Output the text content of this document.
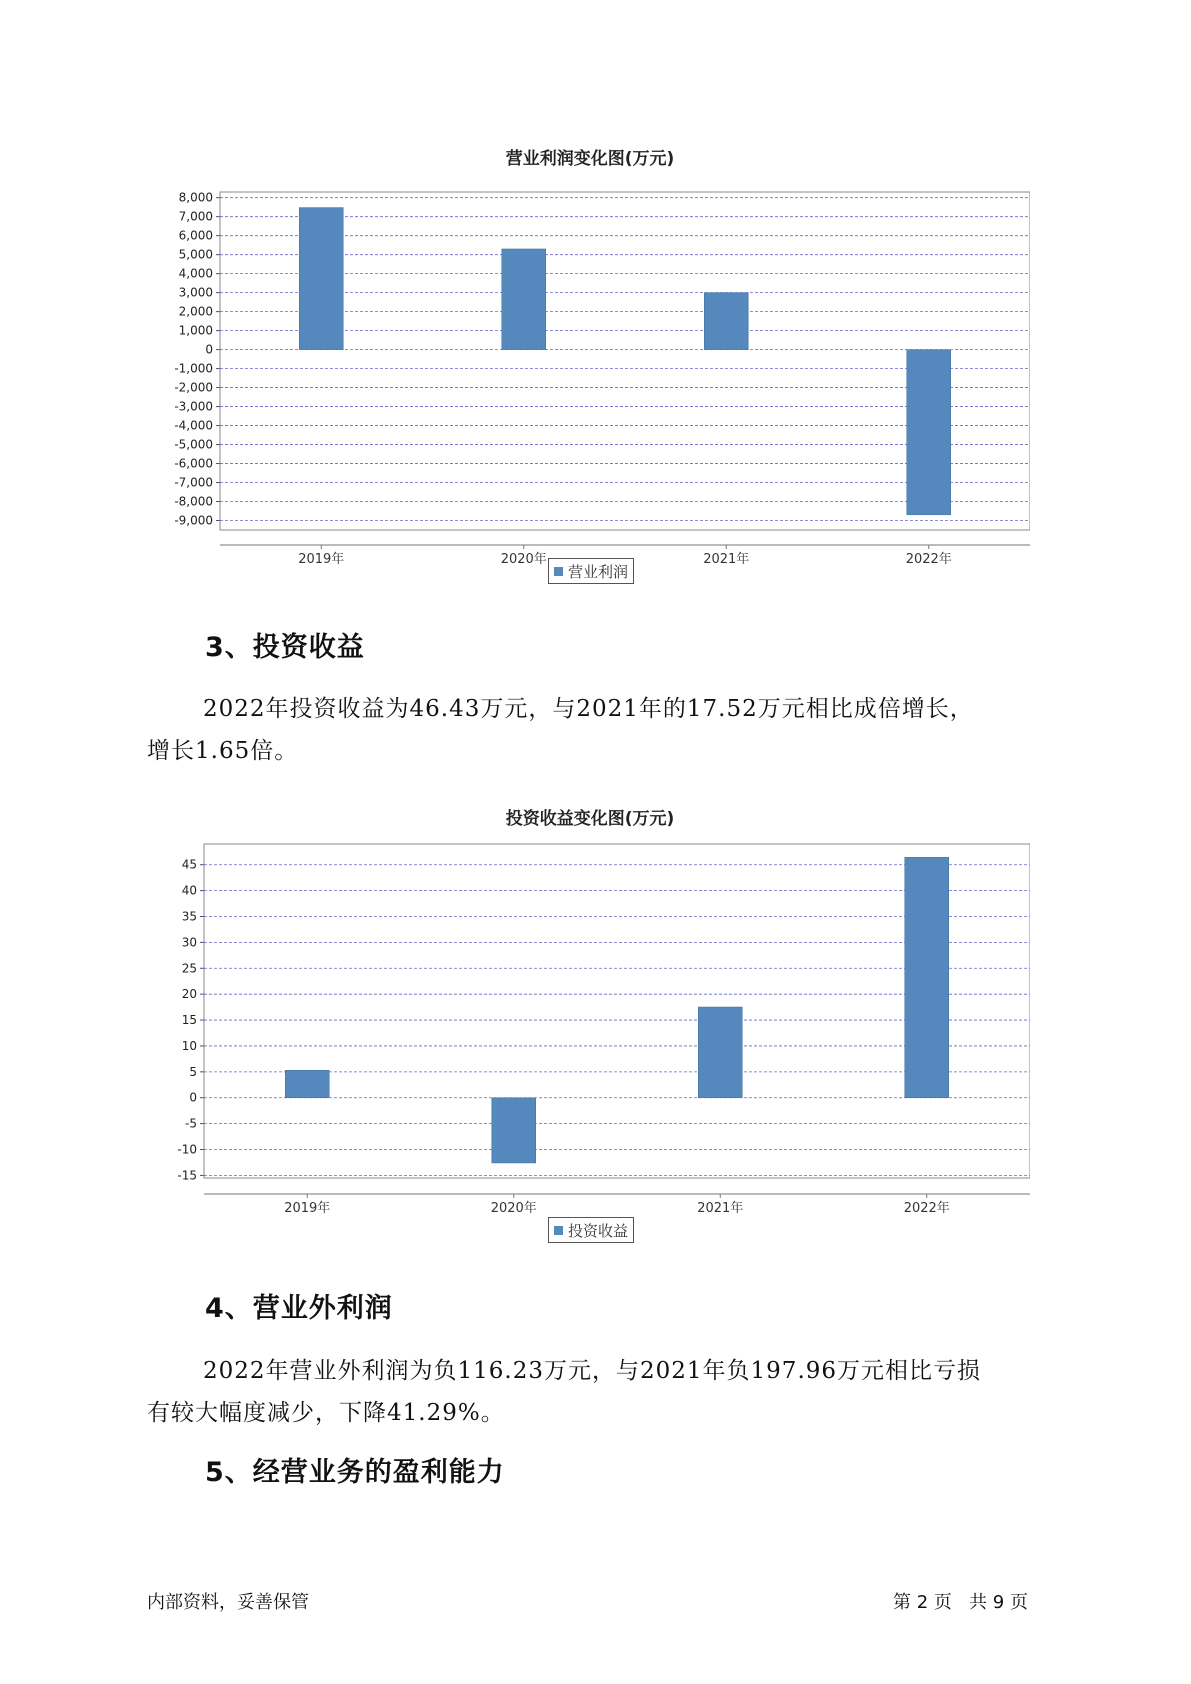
营业利润变化图(万元)
8,000
7,000
6,000
5,000
4,000
3,000
2,000
1,000
0
-1,000
-2,000
-3,000
-4,000
-5,000
-6,000
-7,000
-8,000
-9,000
2019年	2020年	2021年	2022年
营业利润
3、投资收益
2022年投资收益为46.43万元，与2021年的17.52万元相比成倍增长，
增长1.65倍。
投资收益变化图(万元)
45
40
35
30
25
20
15
10
5
0
-5
-10
-15
2019年	2020年	2021年	2022年
投资收益
4、营业外利润
2022年营业外利润为负116.23万元，与2021年负197.96万元相比亏损
有较大幅度减少，下降41.29%。
5、经营业务的盈利能力
内部资料，妥善保管	第 2 页   共 9 页
